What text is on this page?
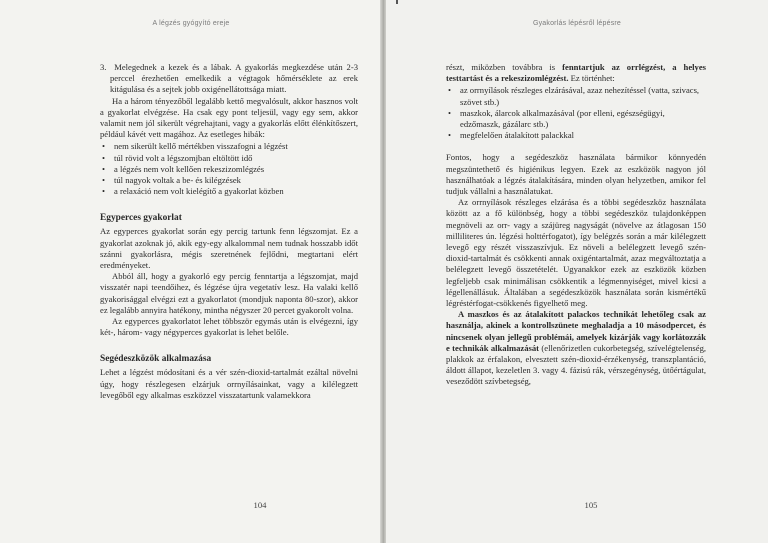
A légzés gyógyító ereje

3. Melegednek a kezek és a lábak. A gyakorlás megkezdése után 2-3 perccel érezhetően emelkedik a végtagok hőmérséklete az erek kitágulása és a sejtek jobb oxigénellátottsága miatt.

Ha a három tényezőből legalább kettő megvalósult, akkor hasznos volt a gyakorlat elvégzése. Ha csak egy pont teljesül, vagy egy sem, akkor valamit nem jól sikerült végrehajtani, vagy a gyakorlás előtt élénkítőszert, például kávét vett magához. Az esetleges hibák:

• nem sikerült kellő mértékben visszafogni a légzést
• túl rövid volt a légszomjban eltöltött idő
• a légzés nem volt kellően rekeszizomlégzés
• túl nagyok voltak a be- és kilégzések
• a relaxáció nem volt kielégítő a gyakorlat közben
Egyperces gyakorlat

Az egyperces gyakorlat során egy percig tartunk fenn légszomjat. Ez a gyakorlat azoknak jó, akik egy-egy alkalommal nem tudnak hosszabb időt szánni gyakorlásra, mégis szeretnének fejlődni, megtartani elért eredményeket.

Abból áll, hogy a gyakorló egy percig fenntartja a légszomjat, majd visszatér napi teendőihez, és légzése újra vegetatív lesz. Ha valaki kellő gyakorisággal elvégzi ezt a gyakorlatot (mondjuk naponta 80-szor), akkor ez legalább annyira hatékony, mintha négyszer 20 percet gyakorolt volna.

Az egyperces gyakorlatot lehet többször egymás után is elvégezni, így két-, három- vagy négyperces gyakorlat is lehet belőle.

Segédeszközök alkalmazása

Lehet a légzést módosítani és a vér szén-dioxid-tartalmát ezáltal növelni úgy, hogy részlegesen elzárjuk orrnyílásainkat, vagy a kilélegzett levegőből egy alkalmas eszközzel visszatartunk valamekkora

104
Gyakorlás lépésről lépésre

részt, miközben továbbra is fenntartjuk az orrlégzést, a helyes testtartást és a rekeszizomlégzést. Ez történhet:

• az orrnyílások részleges elzárásával, azaz nehezítéssel (vatta, szivacs, szövet stb.)
• maszkok, álarcok alkalmazásával (por elleni, egészségügyi, edzőmaszk, gázálarc stb.)
• megfelelően átalakított palackkal

Fontos, hogy a segédeszköz használata bármikor könnyedén megszüntethető és higiénikus legyen. Ezek az eszközök nagyon jól használhatóak a légzés átalakítására, minden olyan helyzetben, amikor fel tudjuk vállalni a használatukat.

Az orrnyílások részleges elzárása és a többi segédeszköz használata között az a fő különbség, hogy a többi segédeszköz tulajdonképpen megnöveli az orr- vagy a szájüreg nagyságát (növelve az átlagosan 150 milliliteres ún. légzési holttérfogatot), így belégzés során a már kilélegzett levegő egy részét visszaszívjuk. Ez növeli a belélegzett levegő szén-dioxid-tartalmát és csökkenti annak oxigéntartalmát, azaz megváltoztatja a belélegzett levegő összetételét. Ugyanakkor ezek az eszközök közben legfeljebb csak minimálisan csökkentik a légmennyiséget, mivel kicsi a légellenállásuk. Általában a segédeszközök használata során kismértékű légréstérfogat-csökkenés figyelhető meg.

A maszkos és az átalakított palackos technikát lehetőleg csak az használja, akinek a kontrollszünete meghaladja a 10 másodpercet, és nincsenek olyan jellegű problémái, amelyek kizárják vagy korlátozzák e technikák alkalmazását (ellenőrizetlen cukorbetegség, szívelégtelenség, plakkok az érfalakon, elvesztett szén-dioxid-érzékenység, transzplantáció, áldott állapot, kezeletlen 3. vagy 4. fázisú rák, vérszegénység, ütőértágulat, veseződött szívbetegség,

105
